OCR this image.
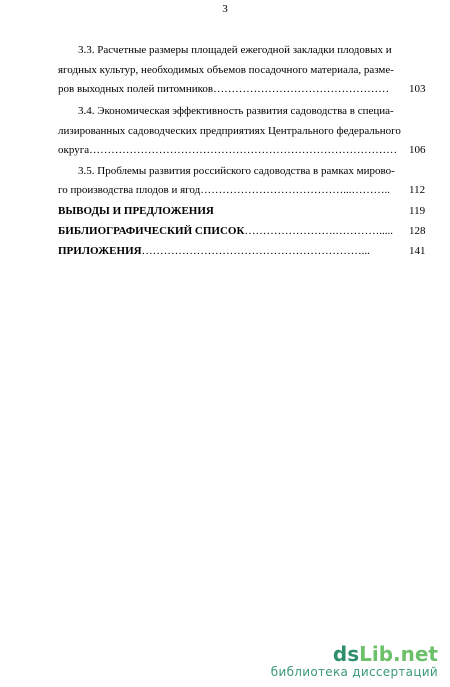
3
3.3. Расчетные размеры площадей ежегодной закладки плодовых и
ягодных культур, необходимых объемов посадочного материала, разме-
ров выходных полей питомников………………………………………… 103
3.4. Экономическая эффективность развития садоводства в специа-
лизированных садоводческих предприятиях Центрального федерального
округа………………………………………………………………………… 106
3.5. Проблемы развития российского садоводства в рамках мирово-
го производства плодов и ягод…………………………………...……….. 112
ВЫВОДЫ И ПРЕДЛОЖЕНИЯ	119
БИБЛИОГРАФИЧЕСКИЙ СПИСОК…………………….…………..... 128
ПРИЛОЖЕНИЯ……………………………………………………...	141
dsLib.net
библиотека диссертаций
